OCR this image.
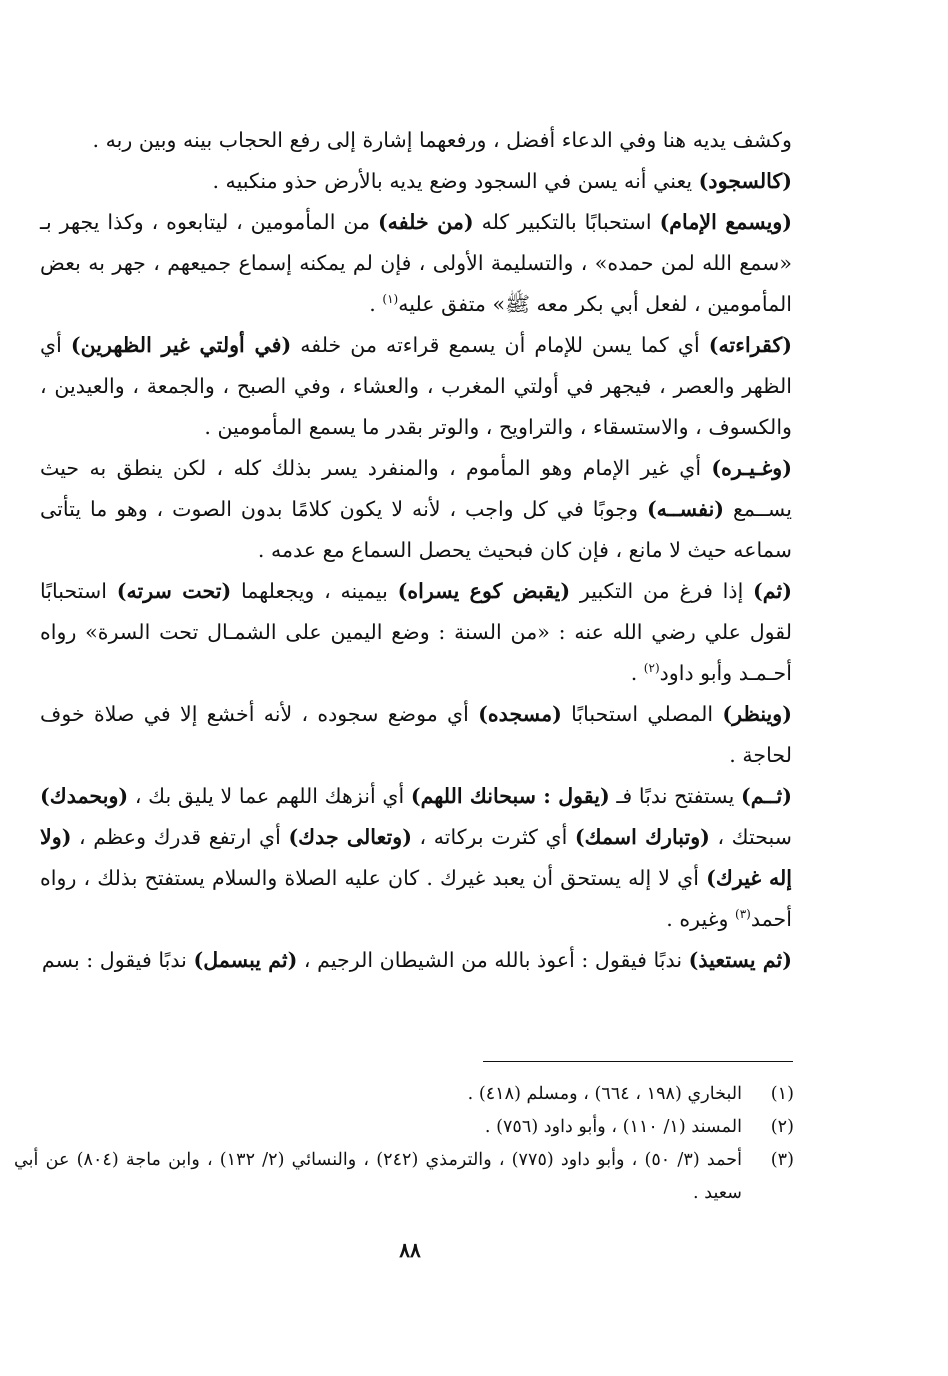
وكشف يديه هنا وفي الدعاء أفضل ، ورفعهما إشارة إلى رفع الحجاب بينه وبين ربه .
(كالسجود) يعني أنه يسن في السجود وضع يديه بالأرض حذو منكبيه .

(ويسمع الإمام) استحبابًا بالتكبير كله (من خلفه) من المأمومين ، ليتابعوه ، وكذا يجهر بـ «سمع الله لمن حمده» ، والتسليمة الأولى ، فإن لم يمكنه إسماع جميعهم ، جهر به بعض المأمومين ، لفعل أبي بكر معه ﷺ» متفق عليه$^{(١)}$ .

(كقراءته) أي كما يسن للإمام أن يسمع قراءته من خلفه (في أولتي غير الظهرين) أي الظهر والعصر ، فيجهر في أولتي المغرب ، والعشاء ، وفي الصبح ، والجمعة ، والعيدين ، والكسوف ، والاستسقاء ، والتراويح ، والوتر بقدر ما يسمع المأمومين .

(وغـيـره) أي غير الإمام وهو المأموم ، والمنفرد يسر بذلك كله ، لكن ينطق به حيث يســمع (نفســه) وجوبًا في كل واجب ، لأنه لا يكون كلامًا بدون الصوت ، وهو ما يتأتى سماعه حيث لا مانع ، فإن كان فبحيث يحصل السماع مع عدمه .

(ثم) إذا فرغ من التكبير (يقبض كوع يسراه) بيمينه ، ويجعلهما (تحت سرته) استحبابًا لقول علي رضي الله عنه : «من السنة : وضع اليمين على الشمـال تحت السرة» رواه أحـمـد وأبو داود$^{(٢)}$ .

(وينظر) المصلي استحبابًا (مسجده) أي موضع سجوده ، لأنه أخشع إلا في صلاة خوف لحاجة .

(ثــم) يستفتح ندبًا فـ (يقول : سبحانك اللهم) أي أنزهك اللهم عما لا يليق بك ، (وبحمدك) سبحتك ، (وتبارك اسمك) أي كثرت بركاته ، (وتعالى جدك) أي ارتفع قدرك وعظم ، (ولا إله غيرك) أي لا إله يستحق أن يعبد غيرك . كان عليه الصلاة والسلام يستفتح بذلك ، رواه أحمد$^{(٣)}$ وغيره .

(ثم يستعيذ) ندبًا فيقول : أعوذ بالله من الشيطان الرجيم ، (ثم يبسمل) ندبًا فيقول : بسم

(١)
البخاري (١٩٨ ، ٦٦٤) ، ومسلم (٤١٨) .
(٢)
المسند (١/ ١١٠) ، وأبو داود (٧٥٦) .
(٣)
أحمد (٣/ ٥٠) ، وأبو داود (٧٧٥) ، والترمذي (٢٤٢) ، والنسائي (٢/ ١٣٢) ، وابن ماجة (٨٠٤) عن أبي سعيد .
٨٨
